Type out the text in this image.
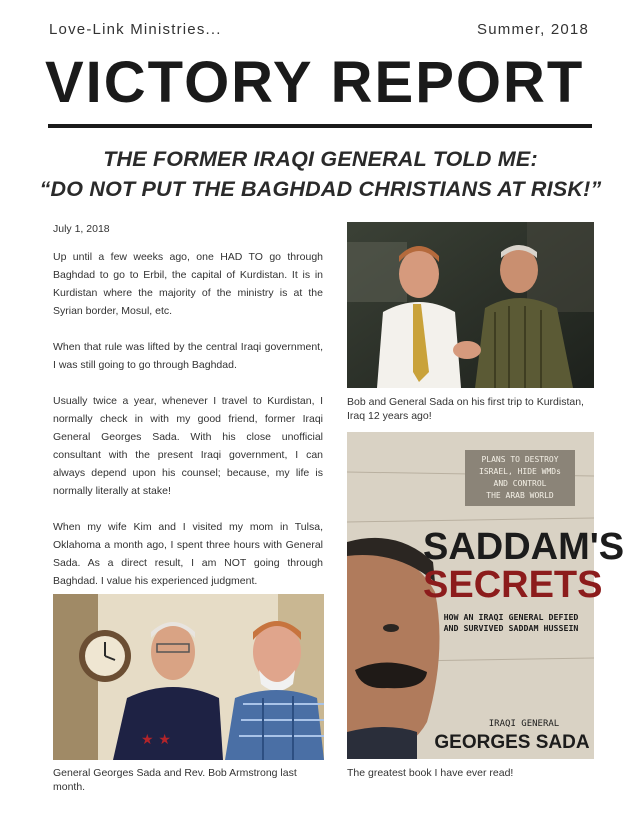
Love-Link Ministries...	Summer, 2018
VICTORY REPORT
THE FORMER IRAQI GENERAL TOLD ME:
“DO NOT PUT THE BAGHDAD CHRISTIANS AT RISK!”
July 1, 2018

Up until a few weeks ago, one HAD TO go through Baghdad to go to Erbil, the capital of Kurdistan. It is in Kurdistan where the majority of the ministry is at the Syrian border, Mosul, etc.

When that rule was lifted by the central Iraqi government, I was still going to go through Baghdad.

Usually twice a year, whenever I travel to Kurdistan, I normally check in with my good friend, former Iraqi General Georges Sada. With his close unofficial consultant with the present Iraqi government, I can always depend upon his counsel; because, my life is normally literally at stake!

When my wife Kim and I visited my mom in Tulsa, Oklahoma a month ago, I spent three hours with General Sada. As a direct result, I am NOT going through Baghdad. I value his experienced judgment.

Bob and General Sada on his first trip to Kurdistan, Iraq 12 years ago!
★ ★
General Georges Sada and Rev. Bob Armstrong last month.
PLANS TO DESTROY
ISRAEL, HIDE WMDs
AND CONTROL
THE ARAB WORLD
SADDAM'S
SECRETS
HOW AN IRAQI GENERAL DEFIED
AND SURVIVED SADDAM HUSSEIN
IRAQI GENERAL
GEORGES SADA
The greatest book I have ever read!
